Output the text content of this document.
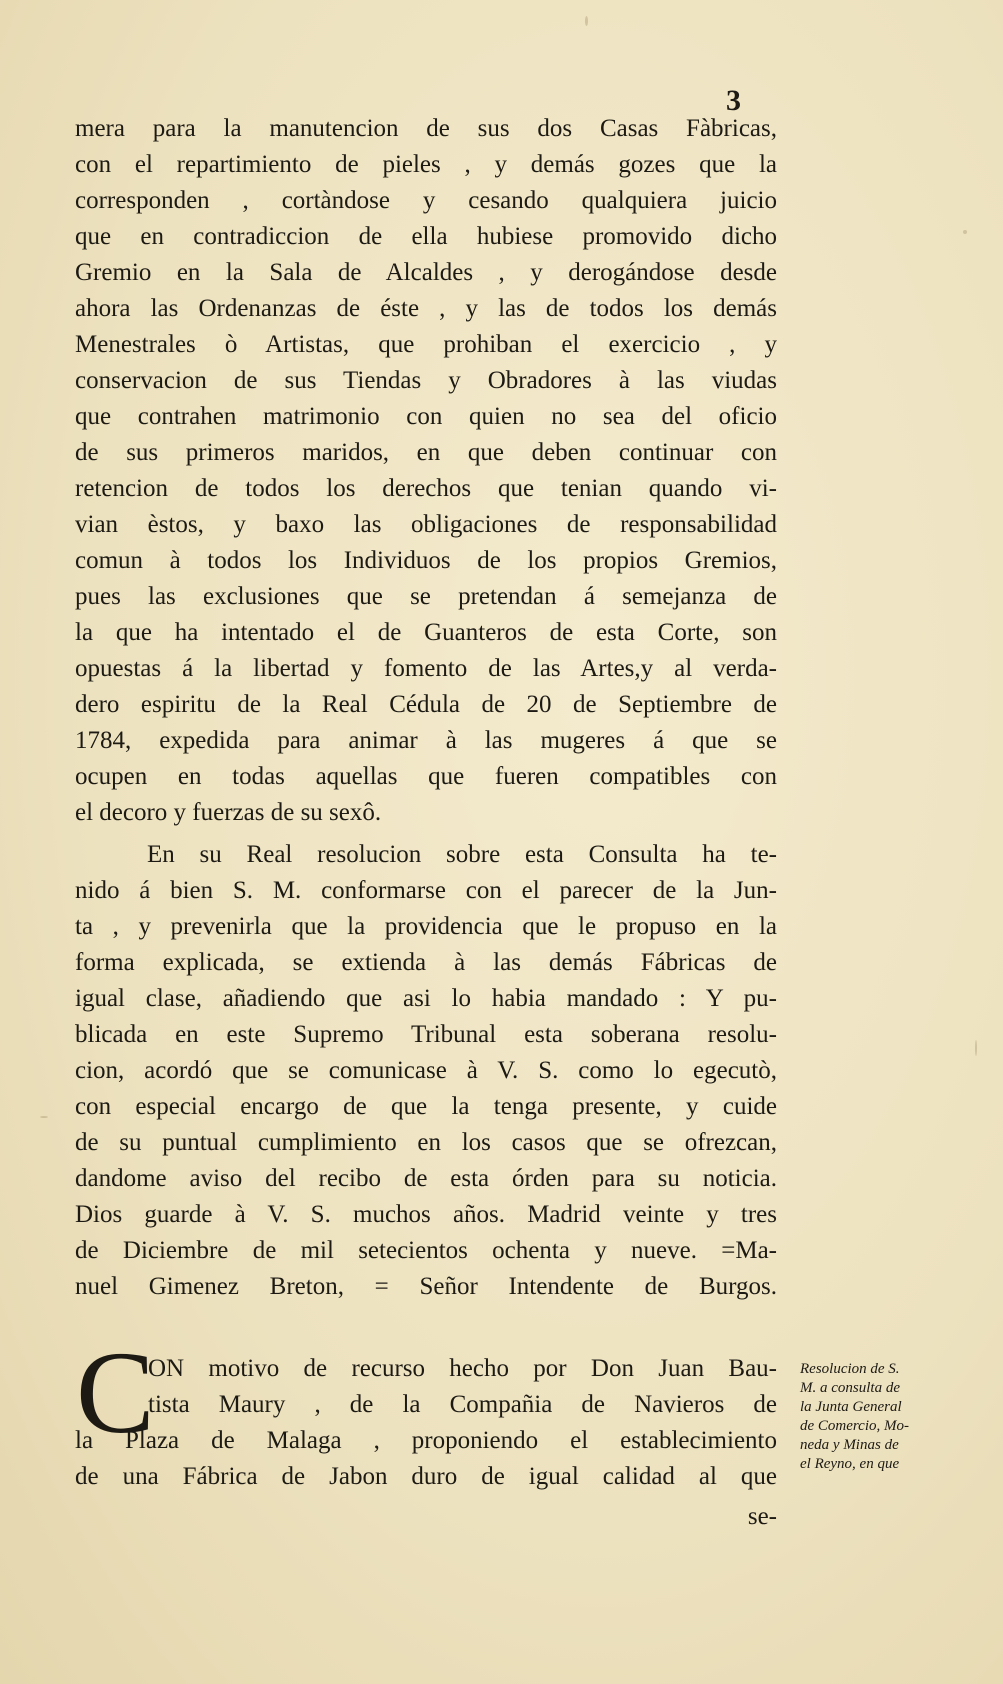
3
mera para la manutencion de sus dos Casas Fàbricas,
con el repartimiento de pieles , y demás gozes que la
corresponden , cortàndose y cesando qualquiera juicio
que en contradiccion de ella hubiese promovido dicho
Gremio en la Sala de Alcaldes , y derogándose desde
ahora las Ordenanzas de éste , y las de todos los demás
Menestrales ò Artistas, que prohiban el exercicio , y
conservacion de sus Tiendas y Obradores à las viudas
que contrahen matrimonio con quien no sea del oficio
de sus primeros maridos, en que deben continuar con
retencion de todos los derechos que tenian quando vi-
vian èstos, y baxo las obligaciones de responsabilidad
comun à todos los Individuos de los propios Gremios,
pues las exclusiones que se pretendan á semejanza de
la que ha intentado el de Guanteros de esta Corte, son
opuestas á la libertad y fomento de las Artes,y al verda-
dero espiritu de la Real Cédula de 20 de Septiembre de
1784, expedida para animar à las mugeres á que se
ocupen en todas aquellas que fueren compatibles con
el decoro y fuerzas de su sexô.
En su Real resolucion sobre esta Consulta ha te-
nido á bien S. M. conformarse con el parecer de la Jun-
ta , y prevenirla que la providencia que le propuso en la
forma explicada, se extienda à las demás Fábricas de
igual clase, añadiendo que asi lo habia mandado : Y pu-
blicada en este Supremo Tribunal esta soberana resolu-
cion, acordó que se comunicase à V. S. como lo egecutò,
con especial encargo de que la tenga presente, y cuide
de su puntual cumplimiento en los casos que se ofrezcan,
dandome aviso del recibo de esta órden para su noticia.
Dios guarde à V. S. muchos años. Madrid veinte y tres
de Diciembre de mil setecientos ochenta y nueve. =Ma-
nuel Gimenez Breton, = Señor Intendente de Burgos.
C
ON motivo de recurso hecho por Don Juan Bau-
tista Maury , de la Compañia de Navieros de
la Plaza de Malaga , proponiendo el establecimiento
de una Fábrica de Jabon duro de igual calidad al que
se-
Resolucion de S.
M. a consulta de
la Junta General
de Comercio, Mo-
neda y Minas de
el Reyno, en que
